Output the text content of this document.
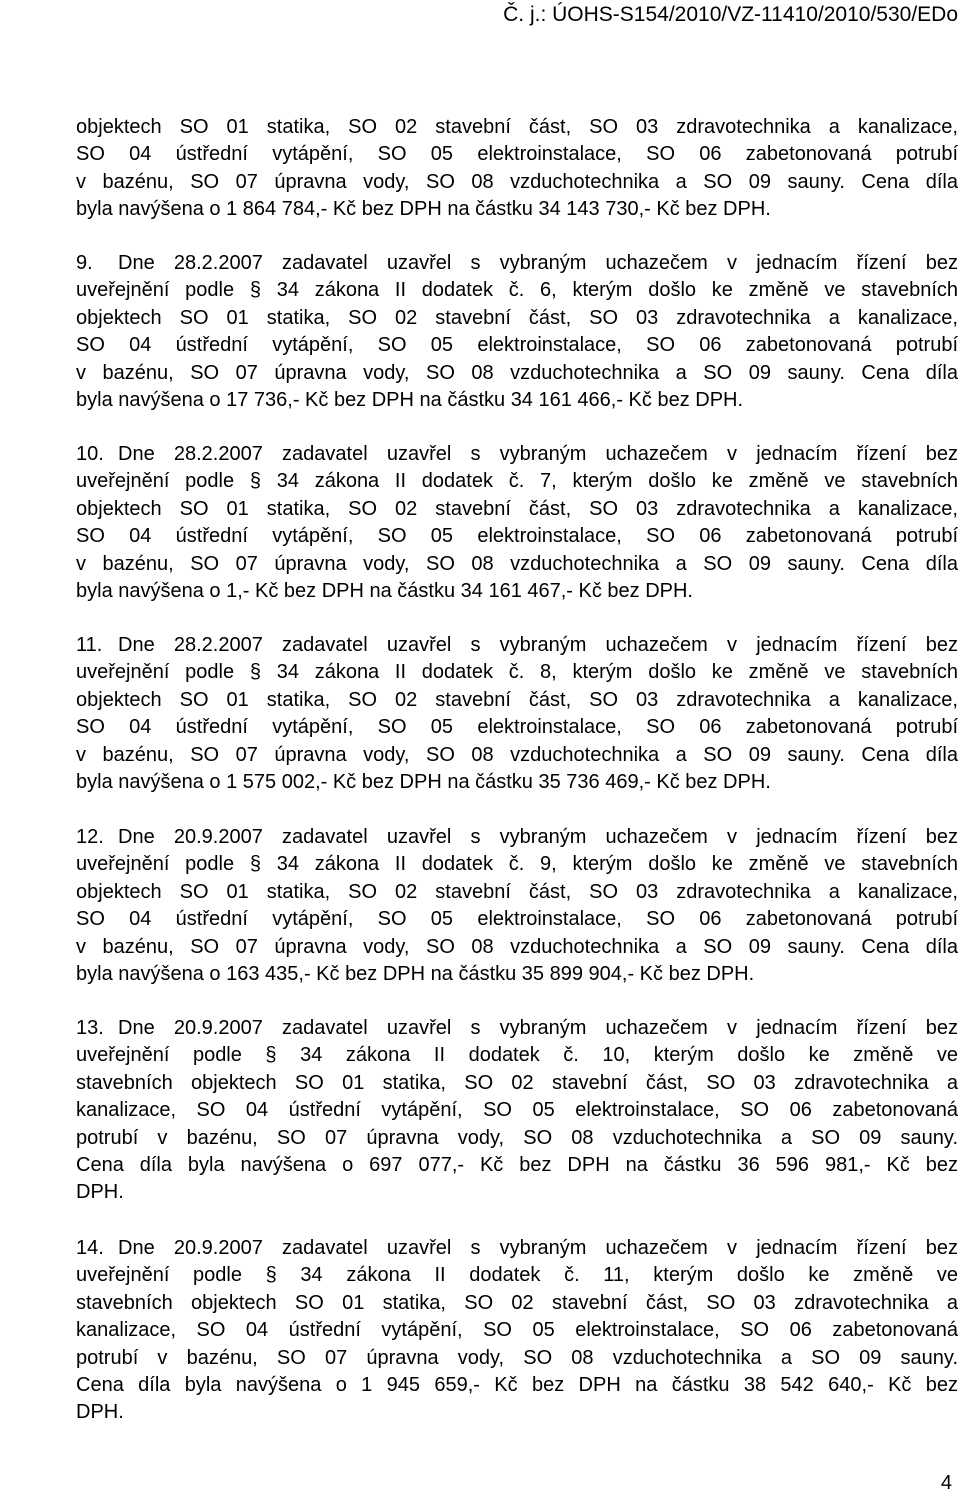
Č. j.: ÚOHS-S154/2010/VZ-11410/2010/530/EDo
objektech SO 01 statika, SO 02 stavební část, SO 03 zdravotechnika a kanalizace,
SO 04 ústřední vytápění, SO 05 elektroinstalace, SO 06 zabetonovaná potrubí
v bazénu, SO 07 úpravna vody, SO 08 vzduchotechnika a SO 09 sauny. Cena díla
byla navýšena o 1 864 784,- Kč bez DPH na částku 34 143 730,- Kč bez DPH.
9. Dne 28.2.2007 zadavatel uzavřel s vybraným uchazečem v jednacím řízení bez
uveřejnění podle § 34 zákona II dodatek č. 6, kterým došlo ke změně ve stavebních
objektech SO 01 statika, SO 02 stavební část, SO 03 zdravotechnika a kanalizace,
SO 04 ústřední vytápění, SO 05 elektroinstalace, SO 06 zabetonovaná potrubí
v bazénu, SO 07 úpravna vody, SO 08 vzduchotechnika a SO 09 sauny. Cena díla
byla navýšena o 17 736,- Kč bez DPH na částku 34 161 466,- Kč bez DPH.
10. Dne 28.2.2007 zadavatel uzavřel s vybraným uchazečem v jednacím řízení bez
uveřejnění podle § 34 zákona II dodatek č. 7, kterým došlo ke změně ve stavebních
objektech SO 01 statika, SO 02 stavební část, SO 03 zdravotechnika a kanalizace,
SO 04 ústřední vytápění, SO 05 elektroinstalace, SO 06 zabetonovaná potrubí
v bazénu, SO 07 úpravna vody, SO 08 vzduchotechnika a SO 09 sauny. Cena díla
byla navýšena o 1,- Kč bez DPH na částku 34 161 467,- Kč bez DPH.
11. Dne 28.2.2007 zadavatel uzavřel s vybraným uchazečem v jednacím řízení bez
uveřejnění podle § 34 zákona II dodatek č. 8, kterým došlo ke změně ve stavebních
objektech SO 01 statika, SO 02 stavební část, SO 03 zdravotechnika a kanalizace,
SO 04 ústřední vytápění, SO 05 elektroinstalace, SO 06 zabetonovaná potrubí
v bazénu, SO 07 úpravna vody, SO 08 vzduchotechnika a SO 09 sauny. Cena díla
byla navýšena o 1 575 002,- Kč bez DPH na částku 35 736 469,- Kč bez DPH.
12. Dne 20.9.2007 zadavatel uzavřel s vybraným uchazečem v jednacím řízení bez
uveřejnění podle § 34 zákona II dodatek č. 9, kterým došlo ke změně ve stavebních
objektech SO 01 statika, SO 02 stavební část, SO 03 zdravotechnika a kanalizace,
SO 04 ústřední vytápění, SO 05 elektroinstalace, SO 06 zabetonovaná potrubí
v bazénu, SO 07 úpravna vody, SO 08 vzduchotechnika a SO 09 sauny. Cena díla
byla navýšena o 163 435,- Kč bez DPH na částku 35 899 904,- Kč bez DPH.
13. Dne 20.9.2007 zadavatel uzavřel s vybraným uchazečem v jednacím řízení bez
uveřejnění podle § 34 zákona II dodatek č. 10, kterým došlo ke změně ve
stavebních objektech SO 01 statika, SO 02 stavební část, SO 03 zdravotechnika a
kanalizace, SO 04 ústřední vytápění, SO 05 elektroinstalace, SO 06 zabetonovaná
potrubí v bazénu, SO 07 úpravna vody, SO 08 vzduchotechnika a SO 09 sauny.
Cena díla byla navýšena o 697 077,- Kč bez DPH na částku 36 596 981,- Kč bez
DPH.
14. Dne 20.9.2007 zadavatel uzavřel s vybraným uchazečem v jednacím řízení bez
uveřejnění podle § 34 zákona II dodatek č. 11, kterým došlo ke změně ve
stavebních objektech SO 01 statika, SO 02 stavební část, SO 03 zdravotechnika a
kanalizace, SO 04 ústřední vytápění, SO 05 elektroinstalace, SO 06 zabetonovaná
potrubí v bazénu, SO 07 úpravna vody, SO 08 vzduchotechnika a SO 09 sauny.
Cena díla byla navýšena o 1 945 659,- Kč bez DPH na částku 38 542 640,- Kč bez
DPH.
4
